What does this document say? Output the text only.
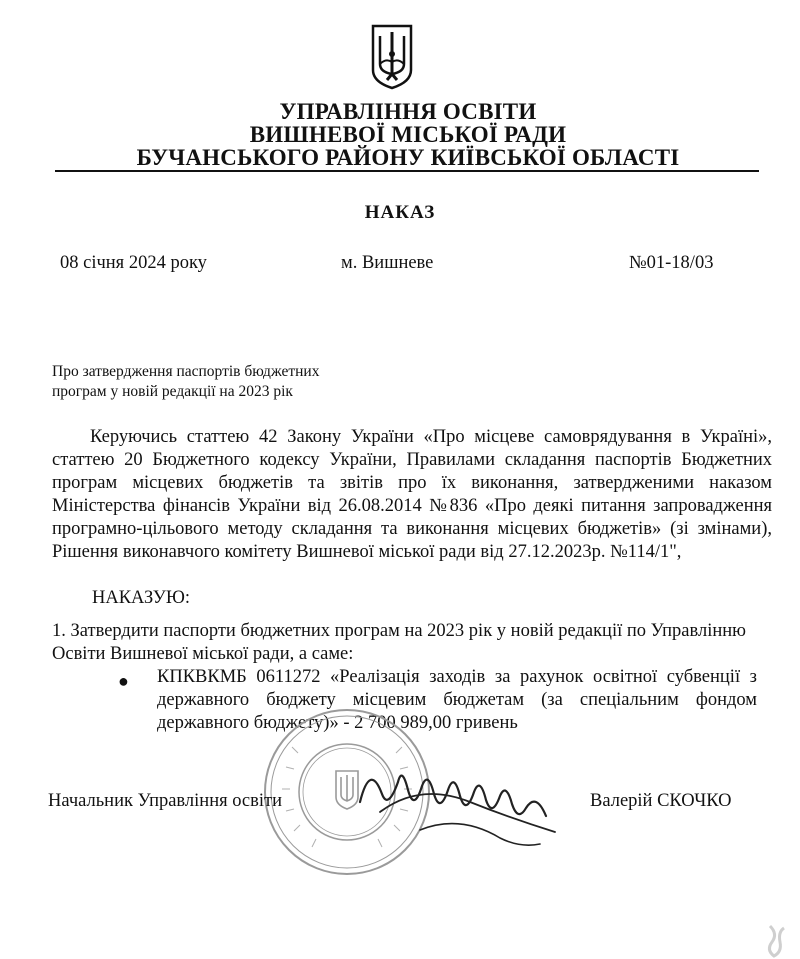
УПРАВЛІННЯ ОСВІТИ
ВИШНЕВОЇ МІСЬКОЇ РАДИ
БУЧАНСЬКОГО РАЙОНУ КИЇВСЬКОЇ ОБЛАСТІ
НАКАЗ
08 січня 2024 року	м. Вишневе	№01-18/03
Про затвердження паспортів бюджетних
програм у новій редакції на 2023 рік
Керуючись статтею 42 Закону України «Про місцеве самоврядування в Україні», статтею 20 Бюджетного кодексу України, Правилами складання паспортів Бюджетних програм місцевих бюджетів та звітів про їх виконання, затвердженими наказом Міністерства фінансів України від 26.08.2014 №836 «Про деякі питання запровадження програмно-цільового методу складання та виконання місцевих бюджетів» (зі змінами), Рішення виконавчого комітету Вишневої міської ради від 27.12.2023р. №114/1",
НАКАЗУЮ:
1. Затвердити паспорти бюджетних програм на 2023 рік у новій редакції по Управлінню Освіти Вишневої міської ради, а саме:
● КПКВКМБ 0611272 «Реалізація заходів за рахунок освітної субвенції з державного бюджету місцевим бюджетам (за спеціальним фондом державного бюджету)» - 2 700 989,00 гривень
Начальник Управління освіти	Валерій СКОЧКО
